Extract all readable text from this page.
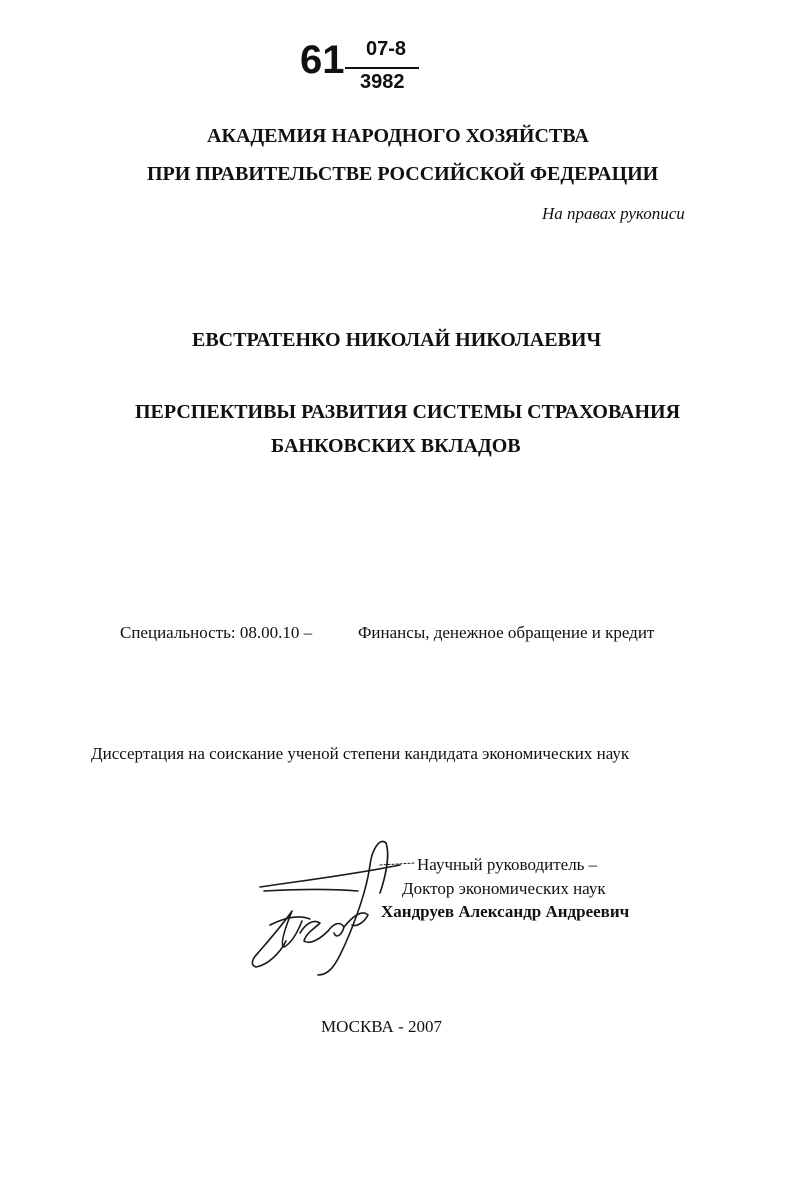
61 07-8
3982
АКАДЕМИЯ НАРОДНОГО ХОЗЯЙСТВА
ПРИ ПРАВИТЕЛЬСТВЕ РОССИЙСКОЙ ФЕДЕРАЦИИ
На правах рукописи
ЕВСТРАТЕНКО НИКОЛАЙ НИКОЛАЕВИЧ
ПЕРСПЕКТИВЫ РАЗВИТИЯ СИСТЕМЫ СТРАХОВАНИЯ
БАНКОВСКИХ ВКЛАДОВ
Специальность: 08.00.10 –	Финансы, денежное обращение и кредит
Диссертация на соискание ученой степени кандидата экономических наук
Научный руководитель –
Доктор экономических наук
Хандруев Александр Андреевич
МОСКВА - 2007
